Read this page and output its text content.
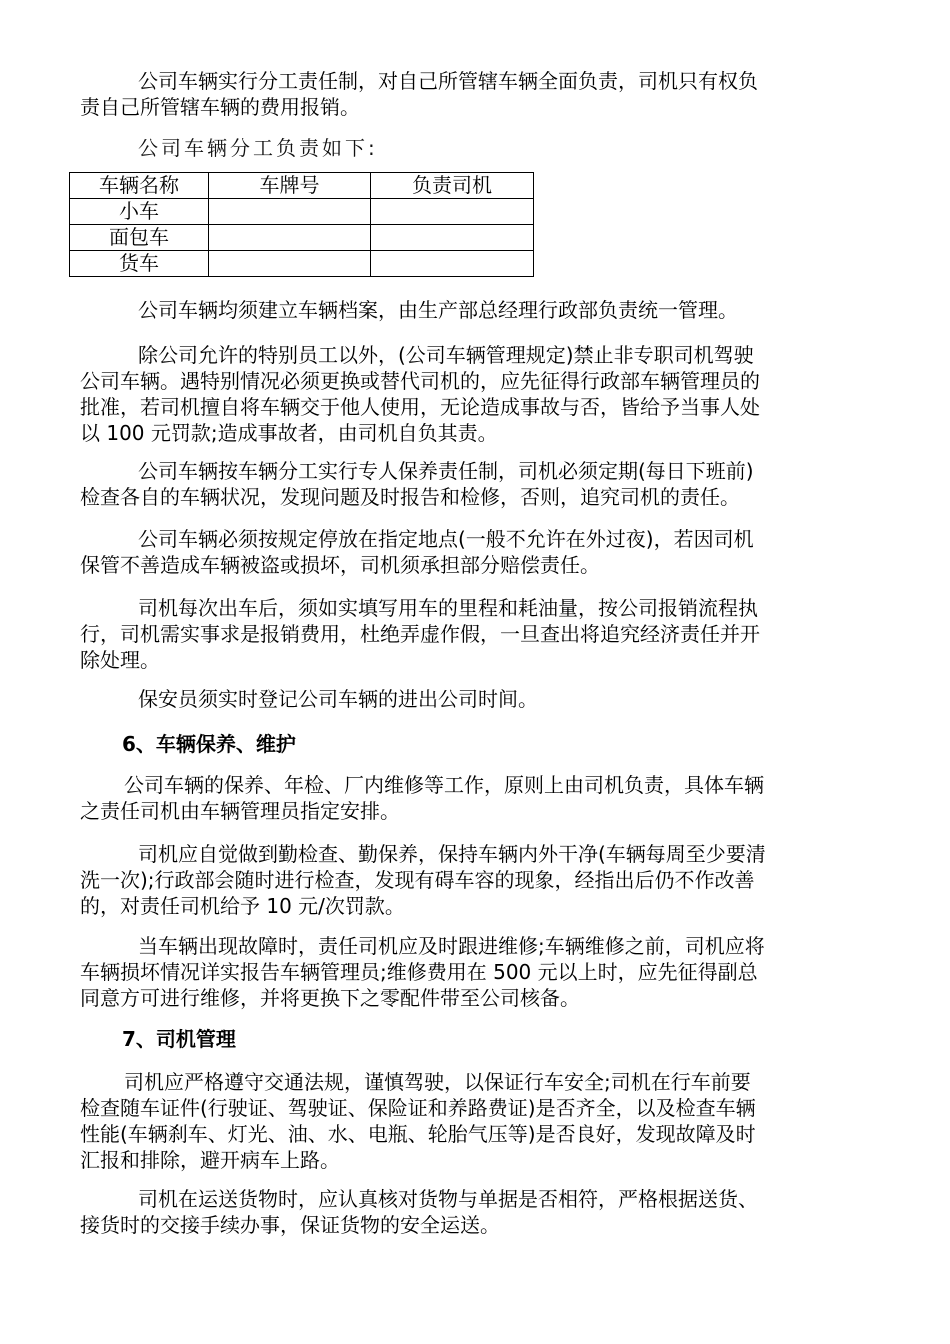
公司车辆实行分工责任制，对自己所管辖车辆全面负责，司机只有权负
责自己所管辖车辆的费用报销。
公司车辆分工负责如下:
车辆名称	车牌号	负责司机
小车		
面包车		
货车		
公司车辆均须建立车辆档案，由生产部总经理行政部负责统一管理。
除公司允许的特别员工以外，(公司车辆管理规定)禁止非专职司机驾驶
公司车辆。遇特别情况必须更换或替代司机的，应先征得行政部车辆管理员的
批准，若司机擅自将车辆交于他人使用，无论造成事故与否，皆给予当事人处
以 100 元罚款;造成事故者，由司机自负其责。
公司车辆按车辆分工实行专人保养责任制，司机必须定期(每日下班前)
检查各自的车辆状况，发现问题及时报告和检修，否则，追究司机的责任。
公司车辆必须按规定停放在指定地点(一般不允许在外过夜)，若因司机
保管不善造成车辆被盗或损坏，司机须承担部分赔偿责任。
司机每次出车后，须如实填写用车的里程和耗油量，按公司报销流程执
行，司机需实事求是报销费用，杜绝弄虚作假，一旦查出将追究经济责任并开
除处理。
保安员须实时登记公司车辆的进出公司时间。
6、车辆保养、维护
公司车辆的保养、年检、厂内维修等工作，原则上由司机负责，具体车辆
之责任司机由车辆管理员指定安排。
司机应自觉做到勤检查、勤保养，保持车辆内外干净(车辆每周至少要清
洗一次);行政部会随时进行检查，发现有碍车容的现象，经指出后仍不作改善
的，对责任司机给予 10 元/次罚款。
当车辆出现故障时，责任司机应及时跟进维修;车辆维修之前，司机应将
车辆损坏情况详实报告车辆管理员;维修费用在 500 元以上时，应先征得副总
同意方可进行维修，并将更换下之零配件带至公司核备。
7、司机管理
司机应严格遵守交通法规，谨慎驾驶，以保证行车安全;司机在行车前要
检查随车证件(行驶证、驾驶证、保险证和养路费证)是否齐全，以及检查车辆
性能(车辆刹车、灯光、油、水、电瓶、轮胎气压等)是否良好，发现故障及时
汇报和排除，避开病车上路。
司机在运送货物时，应认真核对货物与单据是否相符，严格根据送货、
接货时的交接手续办事，保证货物的安全运送。
